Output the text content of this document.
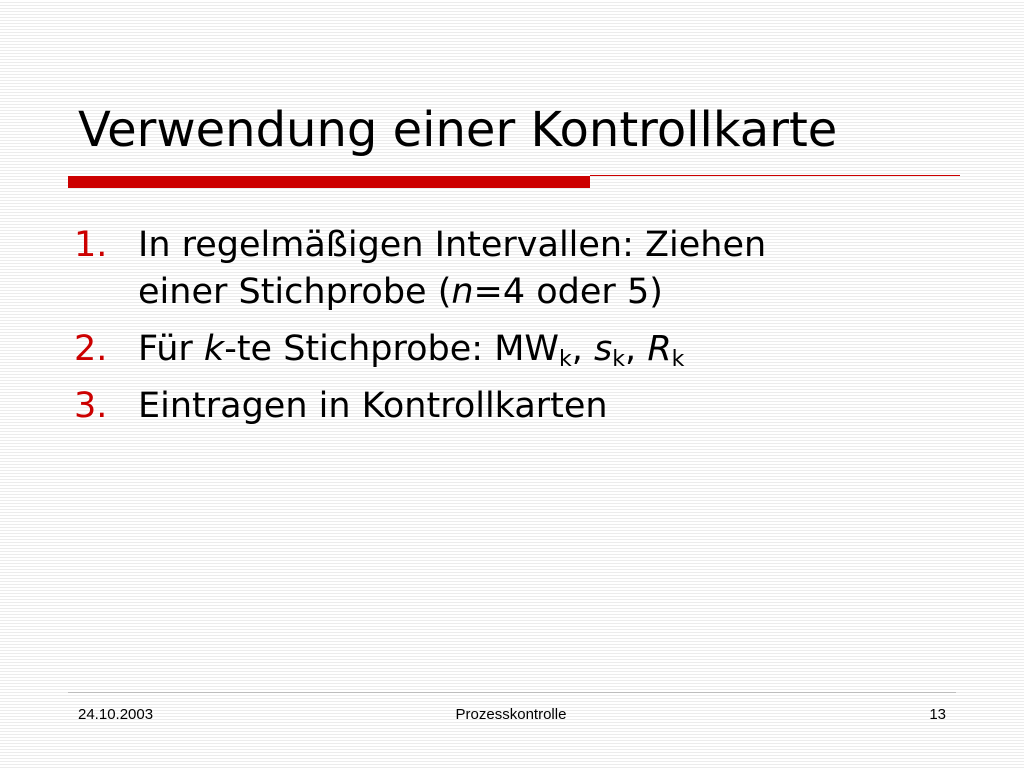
Verwendung einer Kontrollkarte
1. In regelmäßigen Intervallen: Ziehen
einer Stichprobe (n=4 oder 5)
2. Für k-te Stichprobe: $MW_k$, $s_k$, $R_k$
3. Eintragen in Kontrollkarten
24.10.2003	Prozesskontrolle	13
